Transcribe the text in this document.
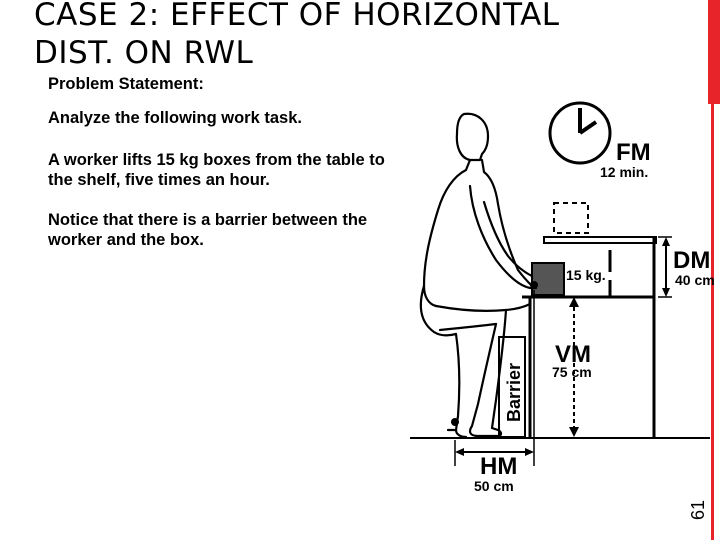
CASE 2: EFFECT OF HORIZONTAL
DIST. ON RWL

Problem Statement:

Analyze the following work task.

A worker lifts 15 kg boxes from the table to the shelf, five times an hour.

Notice that there is a barrier between the worker and the box.

FM
12 min.
15 kg.
DM
40 cm
VM
75 cm
Barrier
HM
50 cm
61
